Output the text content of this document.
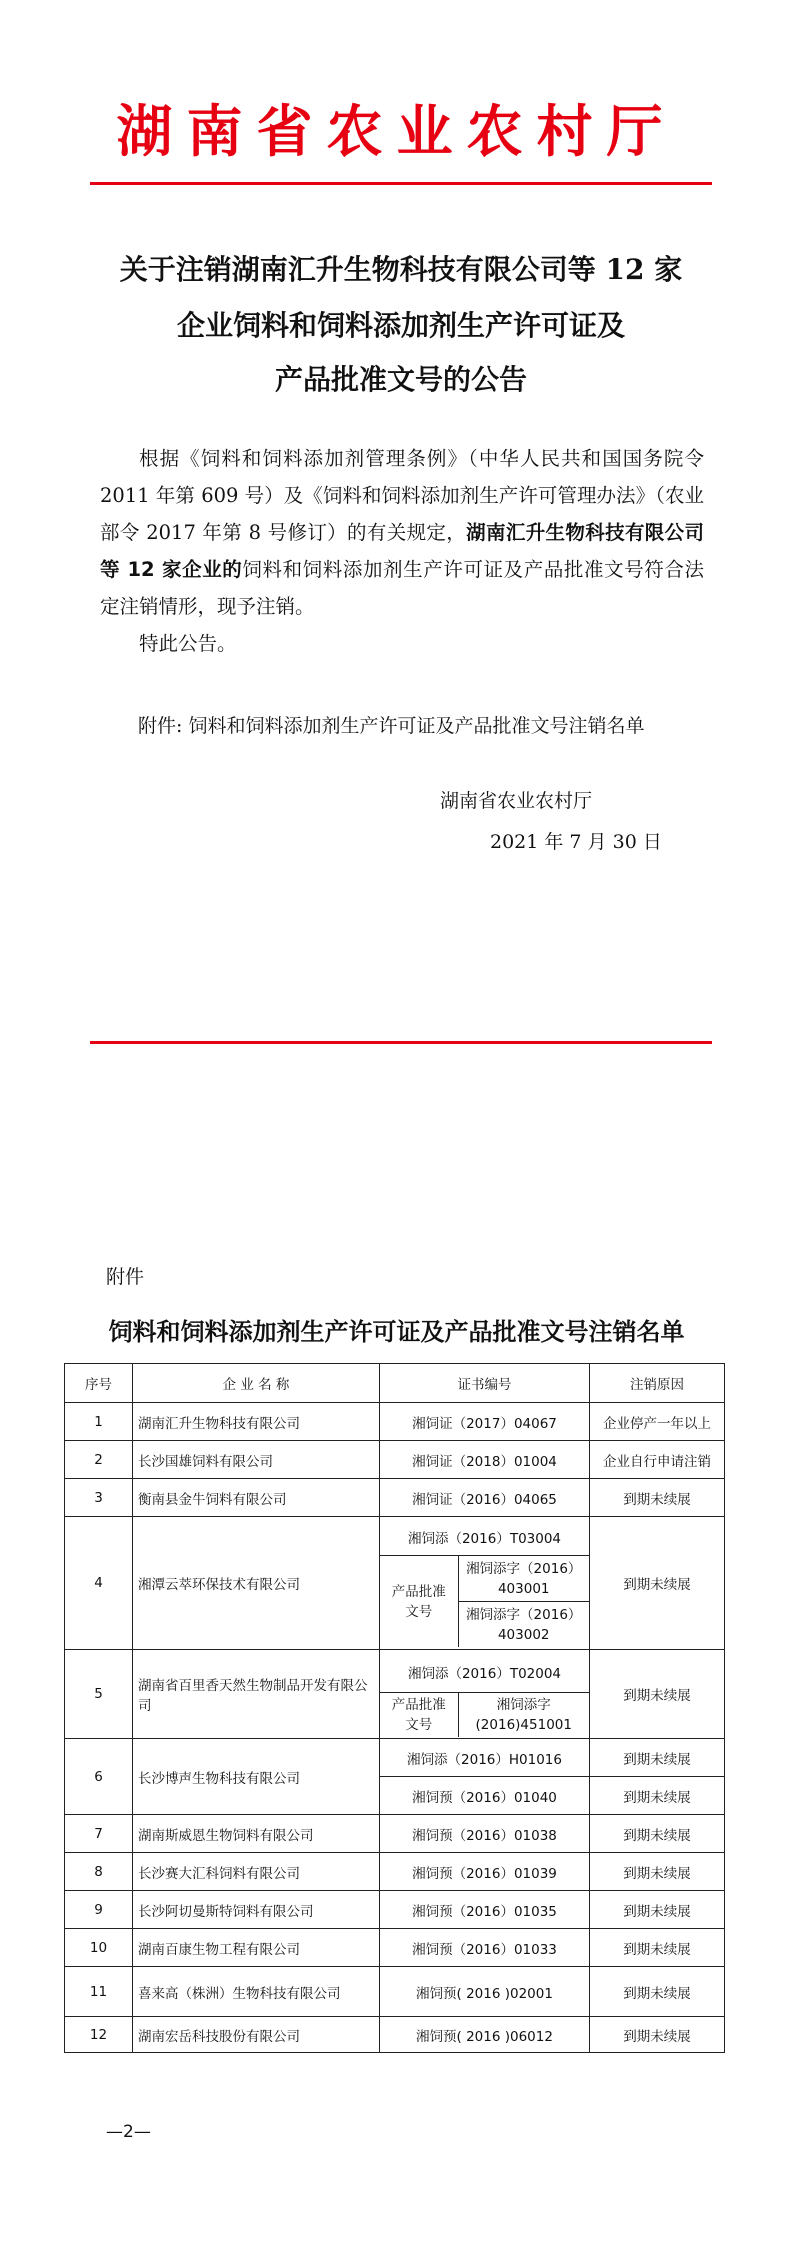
湖南省农业农村厅
关于注销湖南汇升生物科技有限公司等 12 家
企业饲料和饲料添加剂生产许可证及
产品批准文号的公告

根据《饲料和饲料添加剂管理条例》（中华人民共和国国务院令 2011 年第 609 号）及《饲料和饲料添加剂生产许可管理办法》（农业部令 2017 年第 8 号修订）的有关规定，湖南汇升生物科技有限公司等 12 家企业的饲料和饲料添加剂生产许可证及产品批准文号符合法定注销情形，现予注销。

特此公告。

附件: 饲料和饲料添加剂生产许可证及产品批准文号注销名单
湖南省农业农村厅
2021 年 7 月 30 日
附件
饲料和饲料添加剂生产许可证及产品批准文号注销名单
序号	企 业 名 称	证书编号	注销原因
1	湖南汇升生物科技有限公司	湘饲证（2017）04067	企业停产一年以上
2	长沙国雄饲料有限公司	湘饲证（2018）01004	企业自行申请注销
3	衡南县金牛饲料有限公司	湘饲证（2016）04065	到期未续展
4	湘潭云萃环保技术有限公司	
湘饲添（2016）T03004
产品批准文号	湘饲添字（2016）403001
湘饲添字（2016）403002
	到期未续展
5	湖南省百里香天然生物制品开发有限公司	
湘饲添（2016）T02004
产品批准文号	湘饲添字(2016)451001
	到期未续展
6	长沙博声生物科技有限公司	湘饲添（2016）H01016	到期未续展
湘饲预（2016）01040	到期未续展
7	湖南斯威恩生物饲料有限公司	湘饲预（2016）01038	到期未续展
8	长沙赛大汇科饲料有限公司	湘饲预（2016）01039	到期未续展
9	长沙阿切曼斯特饲料有限公司	湘饲预（2016）01035	到期未续展
10	湖南百康生物工程有限公司	湘饲预（2016）01033	到期未续展
11	喜来高（株洲）生物科技有限公司	湘饲预( 2016 )02001	到期未续展
12	湖南宏岳科技股份有限公司	湘饲预( 2016 )06012	到期未续展
—2—
